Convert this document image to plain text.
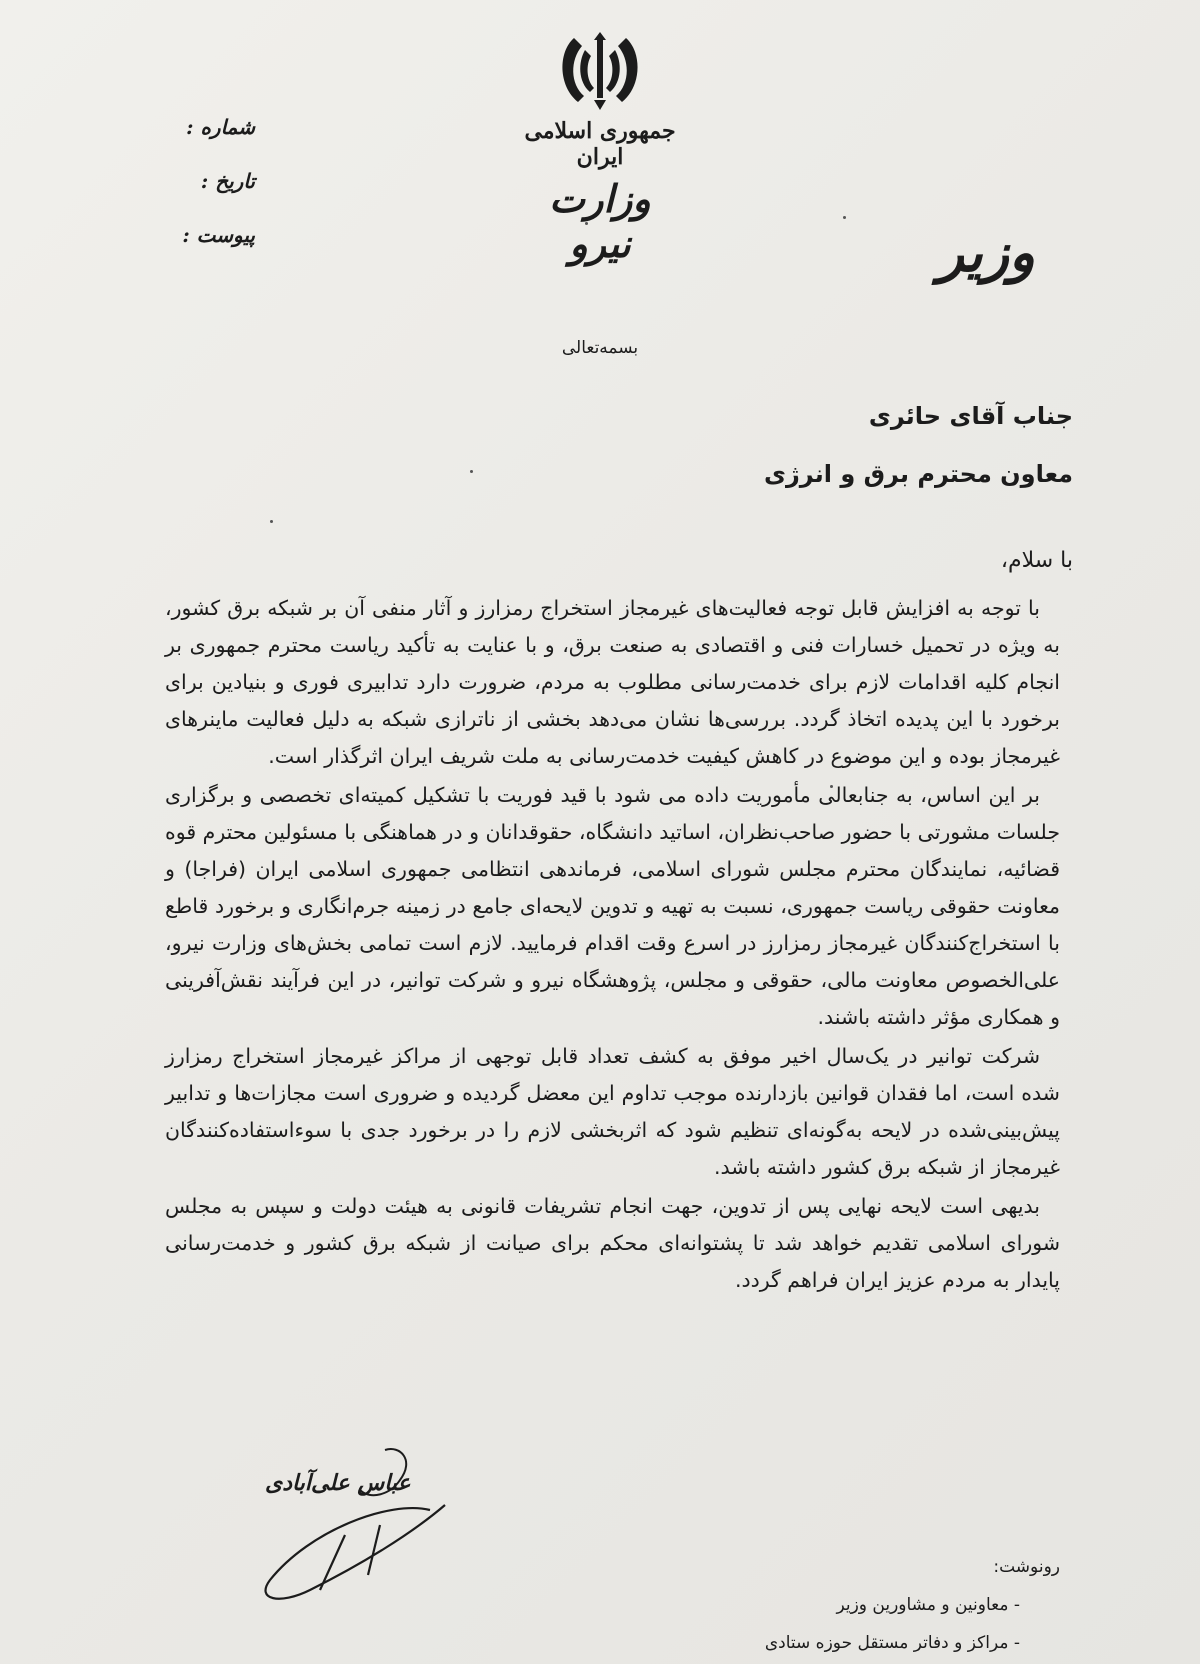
جمهوری اسلامی ایران
وزارت نیرو
شماره :
تاریخ :
پیوست :	وزیر
بسمه‌تعالی
جناب آقای حائری
معاون محترم برق و انرژی
با سلام،

با توجه به افزایش قابل توجه فعالیت‌های غیرمجاز استخراج رمزارز و آثار منفی آن بر شبکه برق کشور، به ویژه در تحمیل خسارات فنی و اقتصادی به صنعت برق، و با عنایت به تأکید ریاست محترم جمهوری بر انجام کلیه اقدامات لازم برای خدمت‌رسانی مطلوب به مردم، ضرورت دارد تدابیری فوری و بنیادین برای برخورد با این پدیده اتخاذ گردد. بررسی‌ها نشان می‌دهد بخشی از ناترازی شبکه به دلیل فعالیت ماینرهای غیرمجاز بوده و این موضوع در کاهش کیفیت خدمت‌رسانی به ملت شریف ایران اثرگذار است.

بر این اساس، به جنابعالی مأموریت داده می شود با قید فوریت با تشکیل کمیته‌ای تخصصی و برگزاری جلسات مشورتی با حضور صاحب‌نظران، اساتید دانشگاه، حقوقدانان و در هماهنگی با مسئولین محترم قوه قضائیه، نمایندگان محترم مجلس شورای اسلامی، فرماندهی انتظامی جمهوری اسلامی ایران (فراجا) و معاونت حقوقی ریاست جمهوری، نسبت به تهیه و تدوین لایحه‌ای جامع در زمینه جرم‌انگاری و برخورد قاطع با استخراج‌کنندگان غیرمجاز رمزارز در اسرع وقت اقدام فرمایید. لازم است تمامی بخش‌های وزارت نیرو، علی‌الخصوص معاونت مالی، حقوقی و مجلس، پژوهشگاه نیرو و شرکت توانیر، در این فرآیند نقش‌آفرینی و همکاری مؤثر داشته باشند.

شرکت توانیر در یک‌سال اخیر موفق به کشف تعداد قابل توجهی از مراکز غیرمجاز استخراج رمزارز شده است، اما فقدان قوانین بازدارنده موجب تداوم این معضل گردیده و ضروری است مجازات‌ها و تدابیر پیش‌بینی‌شده در لایحه به‌گونه‌ای تنظیم شود که اثربخشی لازم را در برخورد جدی با سوءاستفاده‌کنندگان غیرمجاز از شبکه برق کشور داشته باشد.

بدیهی است لایحه نهایی پس از تدوین، جهت انجام تشریفات قانونی به هیئت دولت و سپس به مجلس شورای اسلامی تقدیم خواهد شد تا پشتوانه‌ای محکم برای صیانت از شبکه برق کشور و خدمت‌رسانی پایدار به مردم عزیز ایران فراهم گردد.

عباس علی‌آبادی
رونوشت:
- معاونین و مشاورین وزیر
- مراکز و دفاتر مستقل حوزه ستادی
